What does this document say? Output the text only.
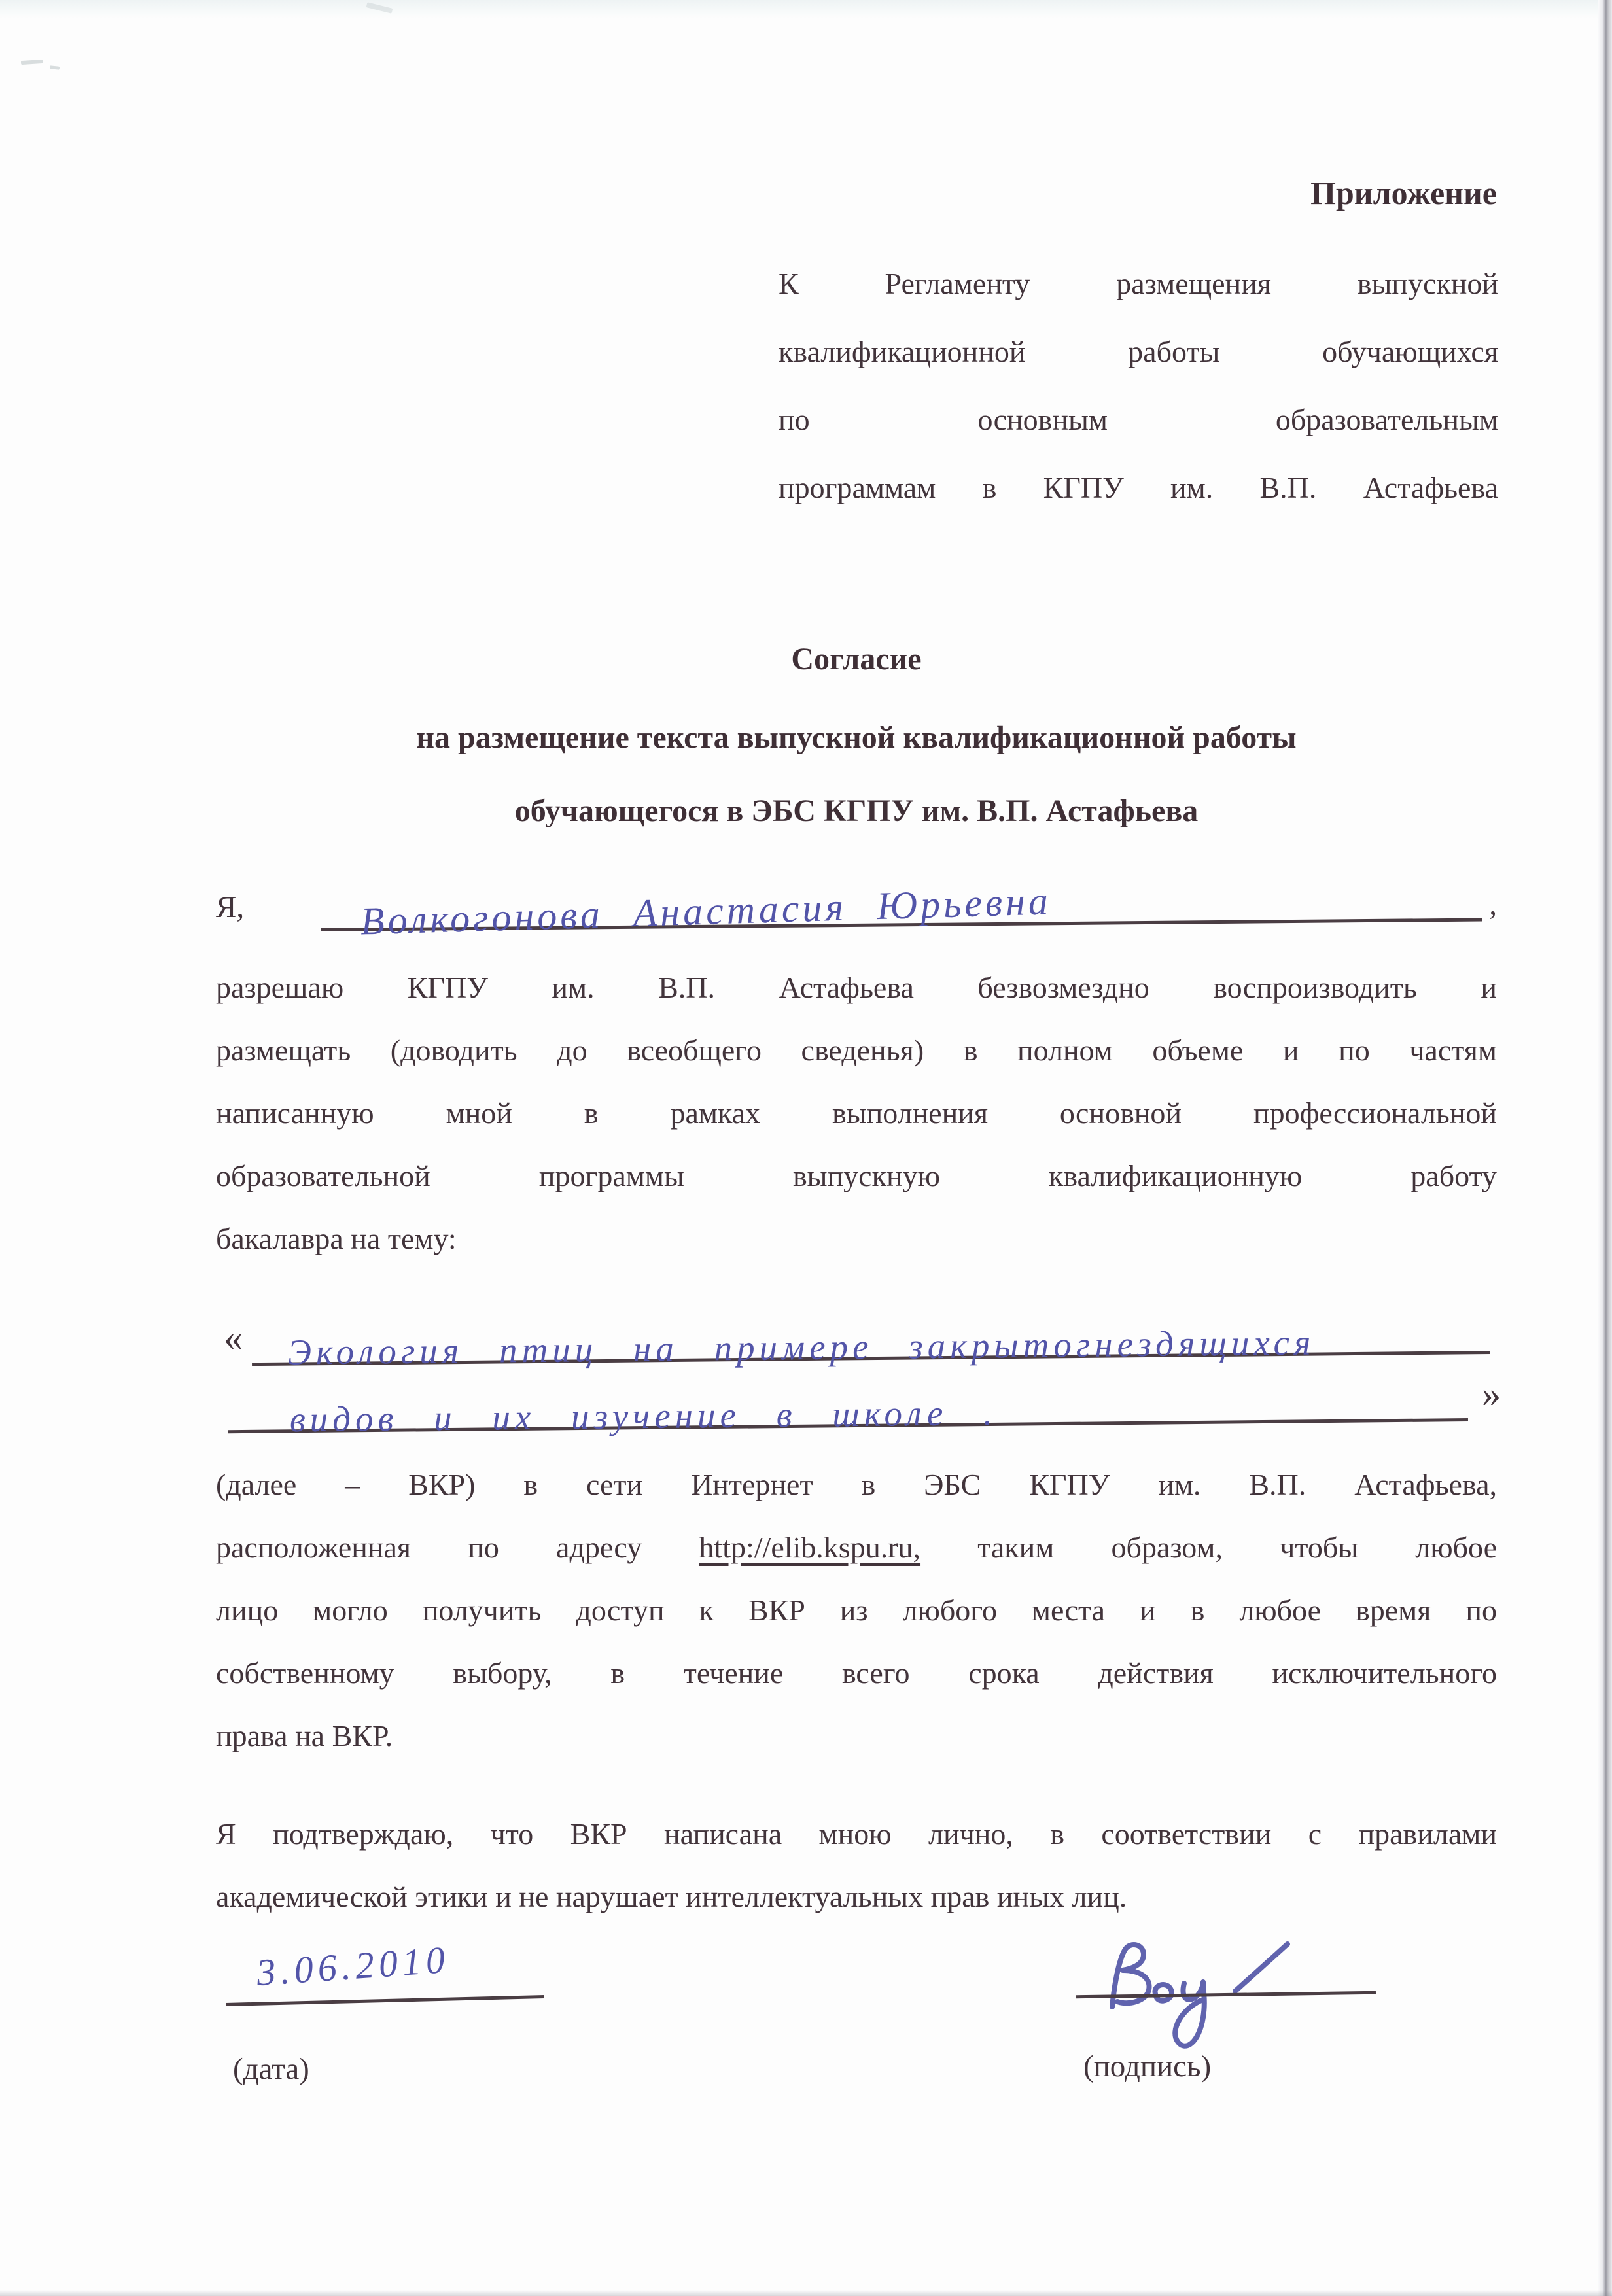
Приложение
К Регламенту размещения выпускной
квалификационной работы обучающихся
по основным образовательным
программам в КГПУ им. В.П. Астафьева
Согласие
на размещение текста выпускной квалификационной работы
обучающегося в ЭБС КГПУ им. В.П. Астафьева
Я,	Волкогонова Анастасия Юрьевна	,
разрешаю КГПУ им. В.П. Астафьева безвозмездно воспроизводить и
размещать (доводить до всеобщего сведенья) в полном объеме и по частям
написанную мной в рамках выполнения основной профессиональной
образовательной программы выпускную квалификационную работу
бакалавра на тему:
« Экология птиц на примере закрытогнездящихся
видов и их изучение в школе .	»
(далее – ВКР) в сети Интернет в ЭБС КГПУ им. В.П. Астафьева,
расположенная по адресу http://elib.kspu.ru, таким образом, чтобы любое
лицо могло получить доступ к ВКР из любого места и в любое время по
собственному выбору, в течение всего срока действия исключительного
права на ВКР.
Я подтверждаю, что ВКР написана мною лично, в соответствии с правилами
академической этики и не нарушает интеллектуальных прав иных лиц.
3.06.2010
(дата)	(подпись)
